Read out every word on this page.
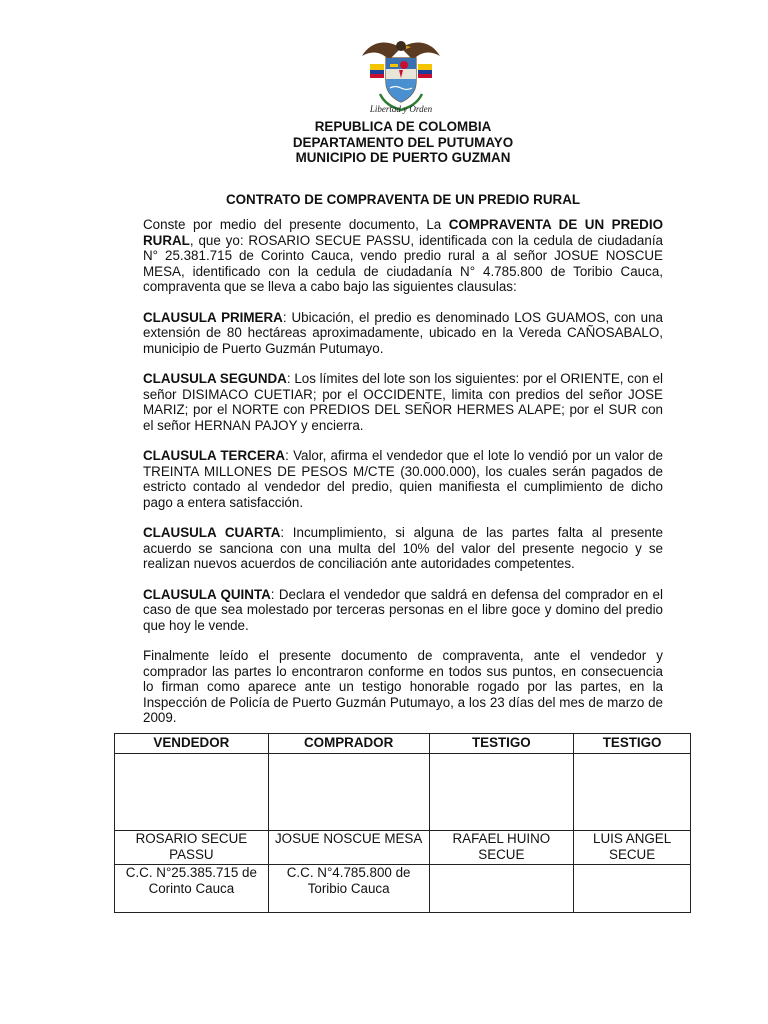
Libertad y Orden
REPUBLICA DE COLOMBIA
DEPARTAMENTO DEL PUTUMAYO
MUNICIPIO DE PUERTO GUZMAN
CONTRATO DE COMPRAVENTA DE UN PREDIO RURAL

Conste por medio del presente documento, La COMPRAVENTA DE UN PREDIO RURAL, que yo: ROSARIO SECUE PASSU, identificada con la cedula de ciudadanía N° 25.381.715 de Corinto Cauca, vendo predio rural a al señor JOSUE NOSCUE MESA, identificado con la cedula de ciudadanía N° 4.785.800 de Toribio Cauca, compraventa que se lleva a cabo bajo las siguientes clausulas:

CLAUSULA PRIMERA: Ubicación, el predio es denominado LOS GUAMOS, con una extensión de 80 hectáreas aproximadamente, ubicado en la Vereda CAÑOSABALO, municipio de Puerto Guzmán Putumayo.

CLAUSULA SEGUNDA: Los límites del lote son los siguientes: por el ORIENTE, con el señor DISIMACO CUETIAR; por el OCCIDENTE, limita con predios del señor JOSE MARIZ; por el NORTE con PREDIOS DEL SEÑOR HERMES ALAPE; por el SUR con el señor HERNAN PAJOY y encierra.

CLAUSULA TERCERA: Valor, afirma el vendedor que el lote lo vendió por un valor de TREINTA MILLONES DE PESOS M/CTE (30.000.000), los cuales serán pagados de estricto contado al vendedor del predio, quien manifiesta el cumplimiento de dicho pago a entera satisfacción.

CLAUSULA CUARTA: Incumplimiento, si alguna de las partes falta al presente acuerdo se sanciona con una multa del 10% del valor del presente negocio y se realizan nuevos acuerdos de conciliación ante autoridades competentes.

CLAUSULA QUINTA: Declara el vendedor que saldrá en defensa del comprador en el caso de que sea molestado por terceras personas en el libre goce y domino del predio que hoy le vende.

Finalmente leído el presente documento de compraventa, ante el vendedor y comprador las partes lo encontraron conforme en todos sus puntos, en consecuencia lo firman como aparece ante un testigo honorable rogado por las partes, en la Inspección de Policía de Puerto Guzmán Putumayo, a los 23 días del mes de marzo de 2009.

VENDEDOR	COMPRADOR	TESTIGO	TESTIGO

ROSARIO SECUE PASSU	JOSUE NOSCUE MESA	RAFAEL HUINO SECUE	LUIS ANGEL SECUE
C.C. N°25.385.715 de Corinto Cauca	C.C. N°4.785.800 de Toribio Cauca		
